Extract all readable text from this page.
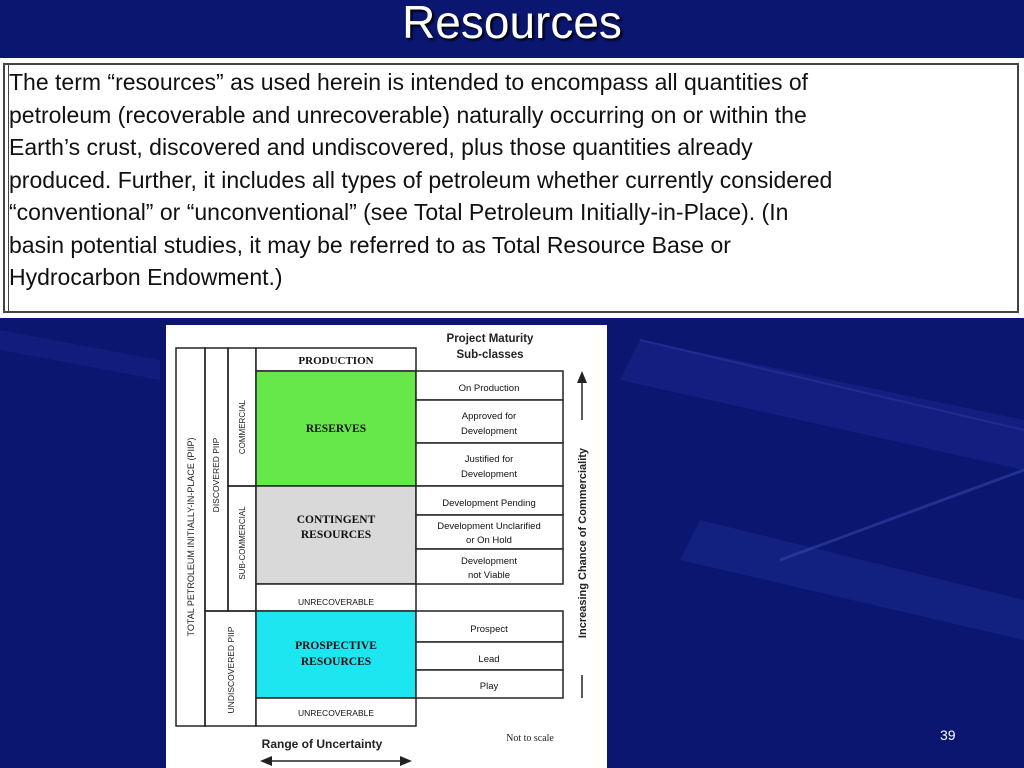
Resources
The term “resources” as used herein is intended to encompass all quantities of
petroleum (recoverable and unrecoverable) naturally occurring on or within the
Earth’s crust, discovered and undiscovered, plus those quantities already
produced. Further, it includes all types of petroleum whether currently considered
“conventional” or “unconventional” (see Total Petroleum Initially-in-Place). (In
basin potential studies, it may be referred to as Total Resource Base or
Hydrocarbon Endowment.)
Project Maturity
Sub-classes
TOTAL PETROLEUM INITIALLY-IN-PLACE (PIIP) DISCOVERED PIIP
UNDISCOVERED PIIP
COMMERCIAL
SUB-COMMERCIAL
PRODUCTION
RESERVES
CONTINGENT
RESOURCES
UNRECOVERABLE
PROSPECTIVE
RESOURCES
UNRECOVERABLE
On Production
Approved for
Development
Justified for
Development
Development Pending
Development Unclarified
or On Hold
Development
not Viable
Prospect
Lead
Play
Increasing Chance of Commerciality
Range of Uncertainty	Not to scale	39
